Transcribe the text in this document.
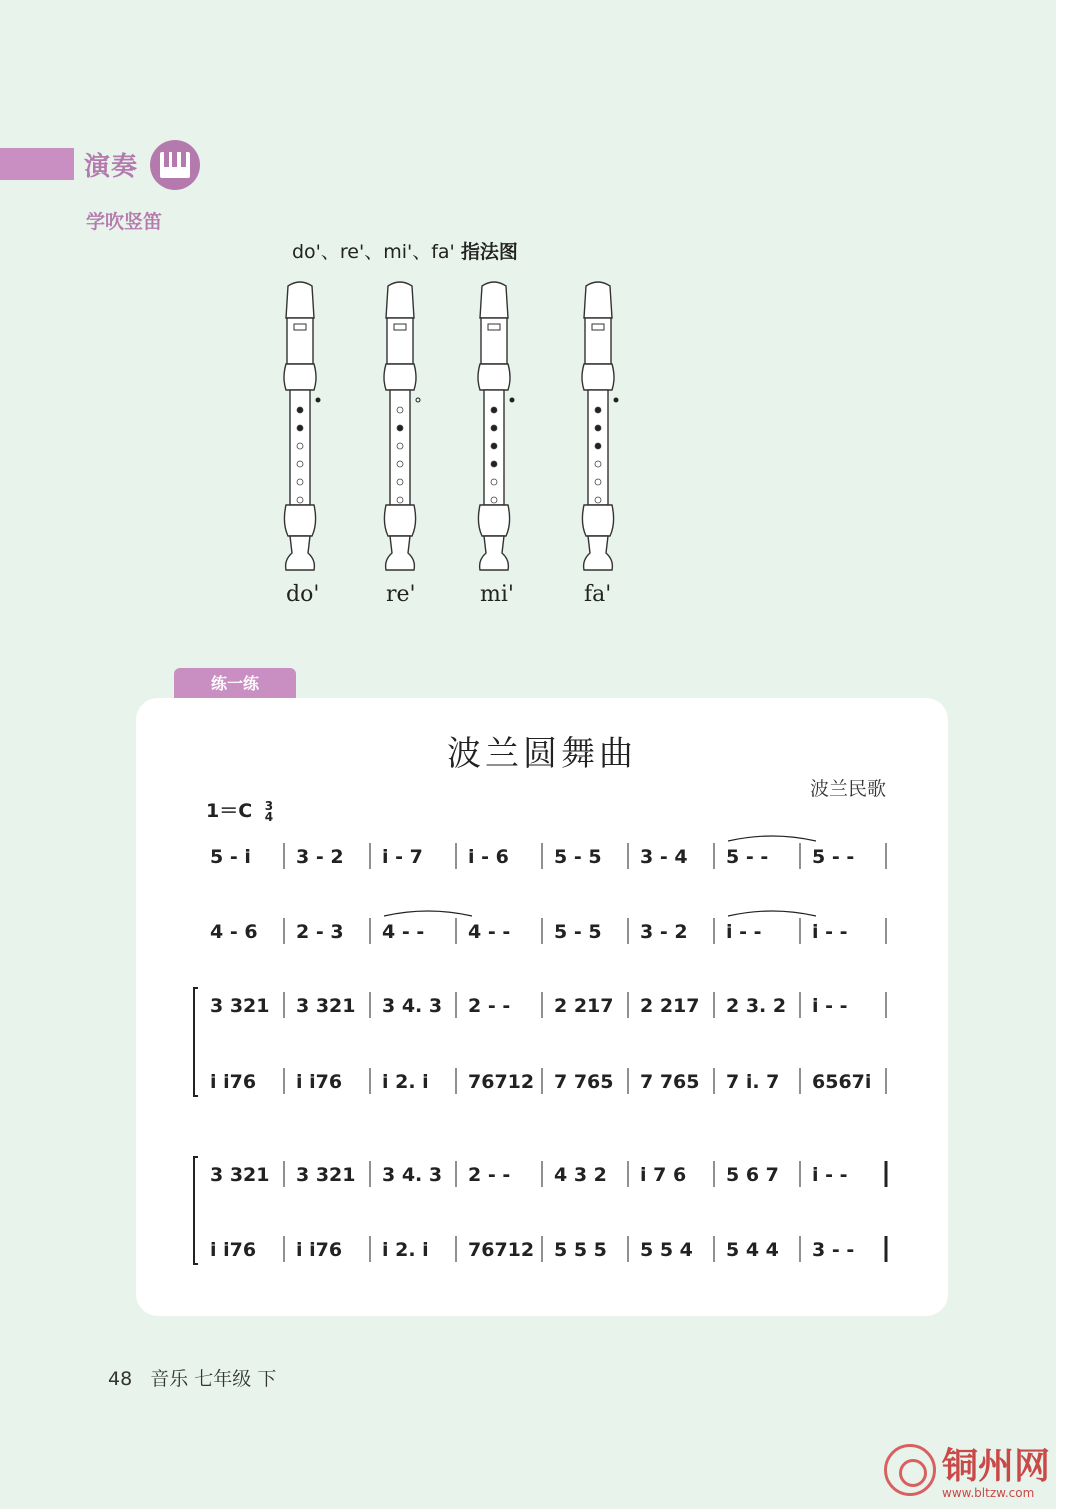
演奏
学吹竖笛
do'、re'、mi'、fa' 指法图
do'	re'	mi'	fa'
练一练
波兰圆舞曲
波兰民歌
1＝C 3
4
5 - i 3 - 2 i - 7 i - 6 5 - 5 3 - 4 5 - - 5 - -
4 - 6 2 - 3 4 - - 4 - - 5 - 5 3 - 2 i - -	i - -
3 321 3 321 3 4. 3 2 - - 2 217 2 217 2 3. 2 i - -
i i76 i i76 i 2. i 76712 7 765 7 765 7 i. 7 6567i
3 321 3 321 3 4. 3 2 - - 4 3 2 i 7 6 5 6 7 i - -
i i76 i i76 i 2. i 76712 5 5 5 5 5 4 5 4 4 3 - -
48 音乐 七年级 下
铜州网
www.bltzw.com
